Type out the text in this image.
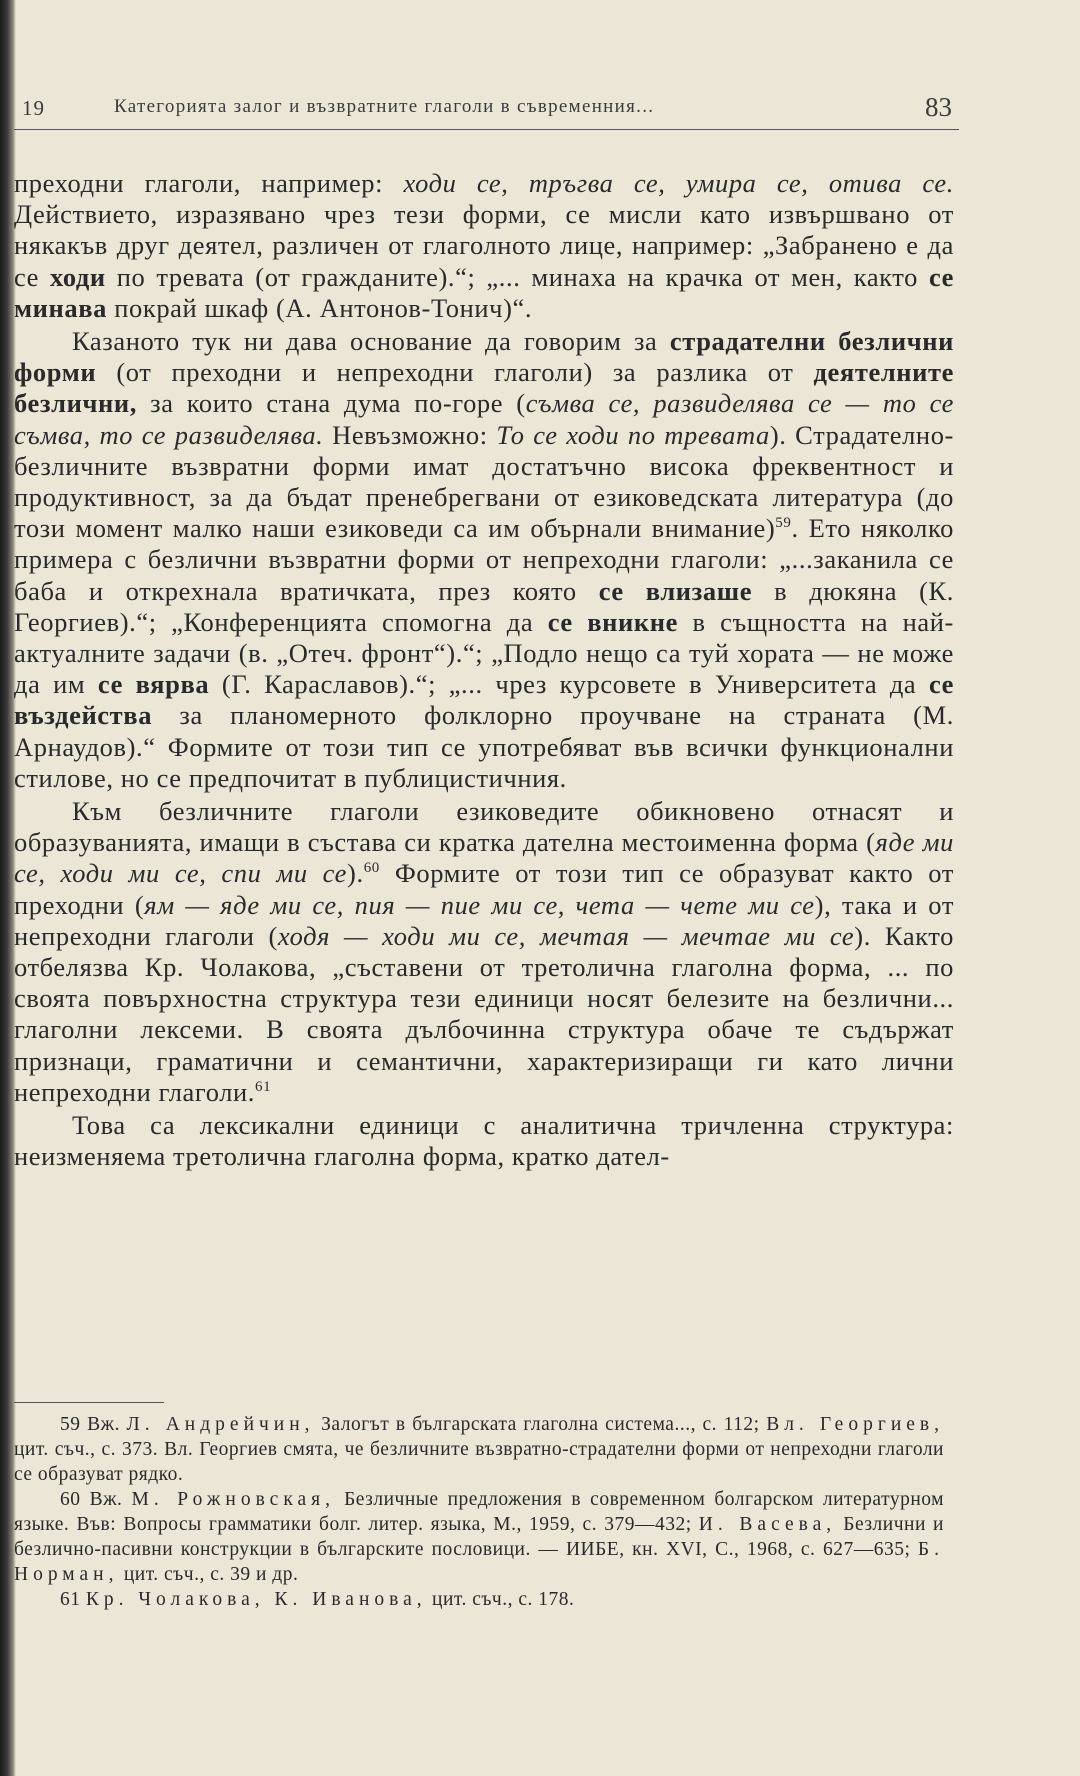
19	Категорията залог и възвратните глаголи в съвременния...	83

преходни глаголи, например: ходи се, тръгва се, умира се, отива се. Действието, изразявано чрез тези форми, се мисли като извършвано от някакъв друг деятел, различен от глаголното лице, например: „Забранено е да се ходи по тревата (от гражданите).“; „... минаха на крачка от мен, както се минава покрай шкаф (А. Антонов-Тонич)“.

Казаното тук ни дава основание да говорим за страдателни безлични форми (от преходни и непреходни глаголи) за разлика от деятелните безлични, за които стана дума по-горе (съмва се, развиделява се — то се съмва, то се развиделява. Невъзможно: То се ходи по тревата). Страдателно-безличните възвратни форми имат достатъчно висока фреквентност и продуктивност, за да бъдат пренебрегвани от езиковедската литература (до този момент малко наши езиковеди са им обърнали внимание)$^{59}$. Ето няколко примера с безлични възвратни форми от непреходни глаголи: „...заканила се баба и открехнала вратичката, през която се влизаше в дюкяна (К. Георгиев).“; „Конференцията спомогна да се вникне в същността на най-актуалните задачи (в. „Отеч. фронт“).“; „Подло нещо са туй хората — не може да им се вярва (Г. Караславов).“; „... чрез курсовете в Университета да се въздейства за планомерното фолклорно проучване на страната (М. Арнаудов).“ Формите от този тип се употребяват във всички функционални стилове, но се предпочитат в публицистичния.

Към безличните глаголи езиковедите обикновено отнасят и образуванията, имащи в състава си кратка дателна местоименна форма (яде ми се, ходи ми се, спи ми се).$^{60}$ Формите от този тип се образуват както от преходни (ям — яде ми се, пия — пие ми се, чета — чете ми се), така и от непреходни глаголи (ходя — ходи ми се, мечтая — мечтае ми се). Както отбелязва Кр. Чолакова, „съставени от третолична глаголна форма, ... по своята повърхностна структура тези единици носят белезите на безлични... глаголни лексеми. В своята дълбочинна структура обаче те съдържат признаци, граматични и семантични, характеризиращи ги като лични непреходни глаголи.$^{61}$

Това са лексикални единици с аналитична тричленна структура: неизменяема третолична глаголна форма, кратко дател-

59 Вж. Л. Андрейчин, Залогът в българската глаголна система..., с. 112; Вл. Георгиев, цит. съч., с. 373. Вл. Георгиев смята, че безличните възвратно-страдателни форми от непреходни глаголи се образуват рядко.

60 Вж. М. Рожновская, Безличные предложения в современном болгарском литературном языке. Във: Вопросы грамматики болг. литер. языка, М., 1959, с. 379—432; И. Васева, Безлични и безлично-пасивни конструкции в българските пословици. — ИИБЕ, кн. XVI, С., 1968, с. 627—635; Б. Норман, цит. съч., с. 39 и др.

61 Кр. Чолакова, К. Иванова, цит. съч., с. 178.
